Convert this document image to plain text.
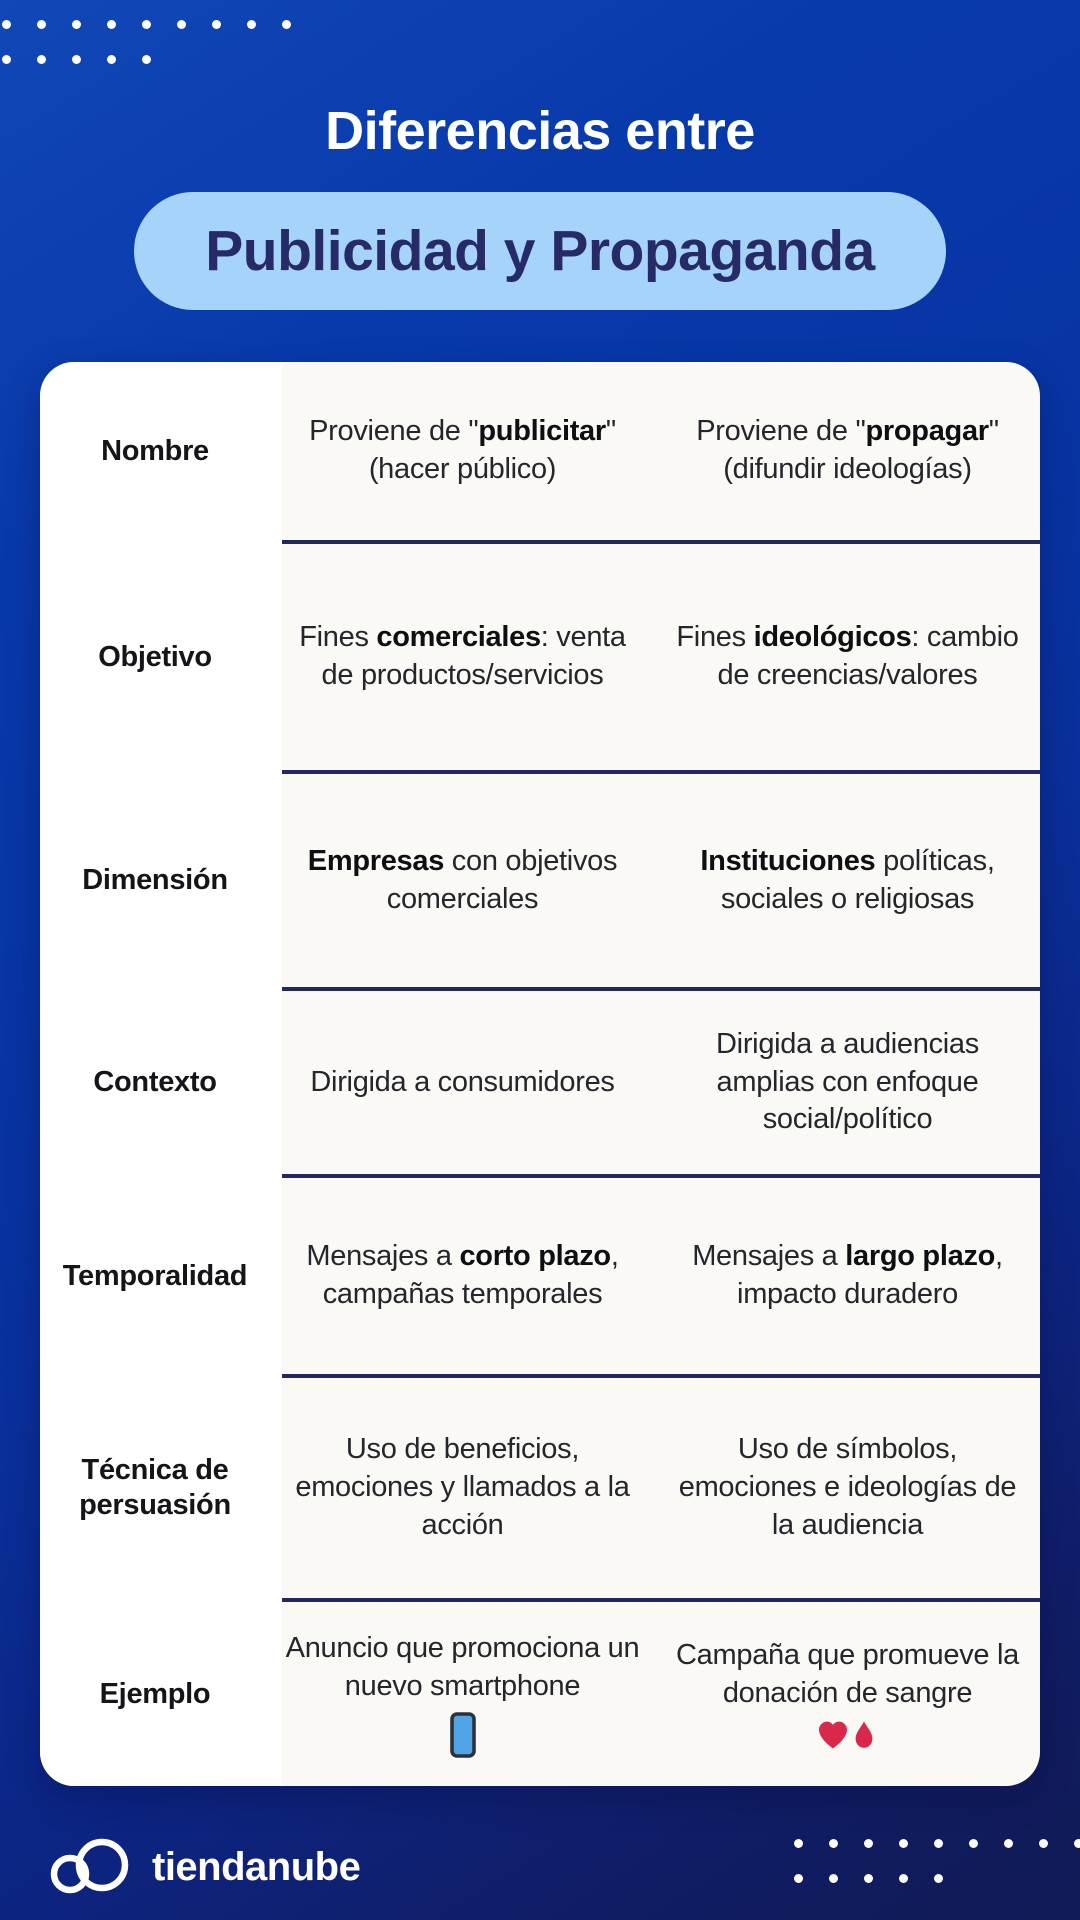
Diferencias entre
Publicidad y Propaganda
Nombre
Proviene de "publicitar" (hacer público)
Proviene de "propagar" (difundir ideologías)
Objetivo
Fines comerciales: venta de productos/servicios
Fines ideológicos: cambio de creencias/valores
Dimensión
Empresas con objetivos comerciales
Instituciones políticas, sociales o religiosas
Contexto	Dirigida a consumidores
Dirigida a audiencias amplias con enfoque social/político
Temporalidad
Mensajes a corto plazo, campañas temporales
Mensajes a largo plazo, impacto duradero
Técnica de persuasión
Uso de beneficios, emociones y llamados a la acción
Uso de símbolos, emociones e ideologías de la audiencia
Ejemplo
Anuncio que promociona un nuevo smartphone
Campaña que promueve la donación de sangre
tiendanube
